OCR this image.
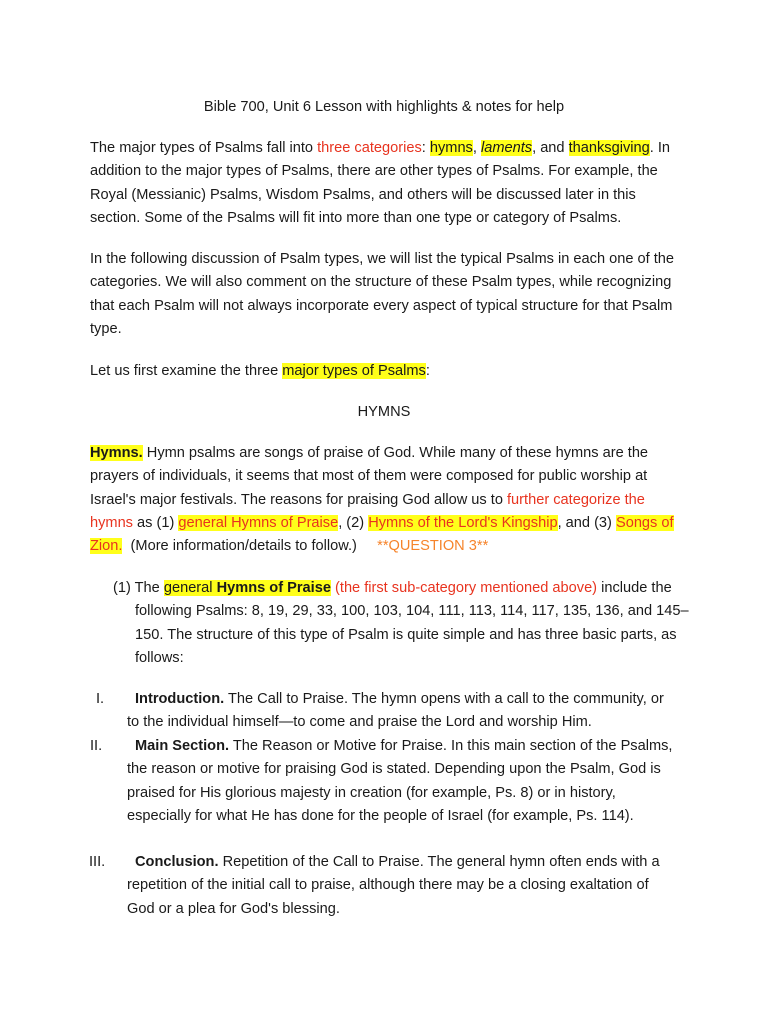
Bible 700, Unit 6 Lesson with highlights & notes for help

The major types of Psalms fall into three categories: hymns, laments, and thanksgiving. In addition to the major types of Psalms, there are other types of Psalms. For example, the Royal (Messianic) Psalms, Wisdom Psalms, and others will be discussed later in this section. Some of the Psalms will fit into more than one type or category of Psalms.

In the following discussion of Psalm types, we will list the typical Psalms in each one of the categories. We will also comment on the structure of these Psalm types, while recognizing that each Psalm will not always incorporate every aspect of typical structure for that Psalm type.

Let us first examine the three major types of Psalms:

HYMNS

Hymns. Hymn psalms are songs of praise of God. While many of these hymns are the prayers of individuals, it seems that most of them were composed for public worship at Israel's major festivals. The reasons for praising God allow us to further categorize the hymns as (1) general Hymns of Praise, (2) Hymns of the Lord's Kingship, and (3) Songs of Zion.  (More information/details to follow.)     **QUESTION 3**

(1) The general Hymns of Praise (the first sub-category mentioned above) include the following Psalms: 8, 19, 29, 33, 100, 103, 104, 111, 113, 114, 117, 135, 136, and 145–150. The structure of this type of Psalm is quite simple and has three basic parts, as follows:

I.	Introduction. The Call to Praise. The hymn opens with a call to the community, or to the individual himself—to come and praise the Lord and worship Him.
II.	Main Section. The Reason or Motive for Praise. In this main section of the Psalms, the reason or motive for praising God is stated. Depending upon the Psalm, God is praised for His glorious majesty in creation (for example, Ps. 8) or in history, especially for what He has done for the people of Israel (for example, Ps. 114).
III.	Conclusion. Repetition of the Call to Praise. The general hymn often ends with a repetition of the initial call to praise, although there may be a closing exaltation of God or a plea for God's blessing.
